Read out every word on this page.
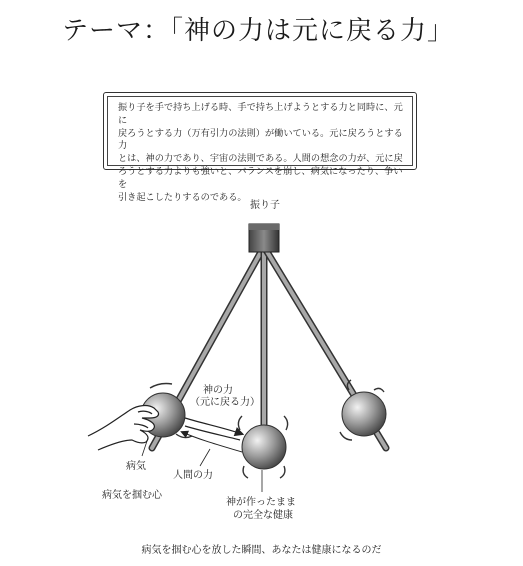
テーマ：「神の力は元に戻る力」
振り子を手で持ち上げる時、手で持ち上げようとする力と同時に、元に
戻ろうとする力（万有引力の法則）が働いている。元に戻ろうとする力
とは、神の力であり、宇宙の法則である。人間の想念の力が、元に戻
ろうとする力よりも強いと、バランスを崩し、病気になったり、争いを
引き起こしたりするのである。
振り子
神の力
（元に戻る力）
病気
人間の力
病気を掴む心
神が作ったまま
の完全な健康
病気を掴む心を放した瞬間、あなたは健康になるのだ
